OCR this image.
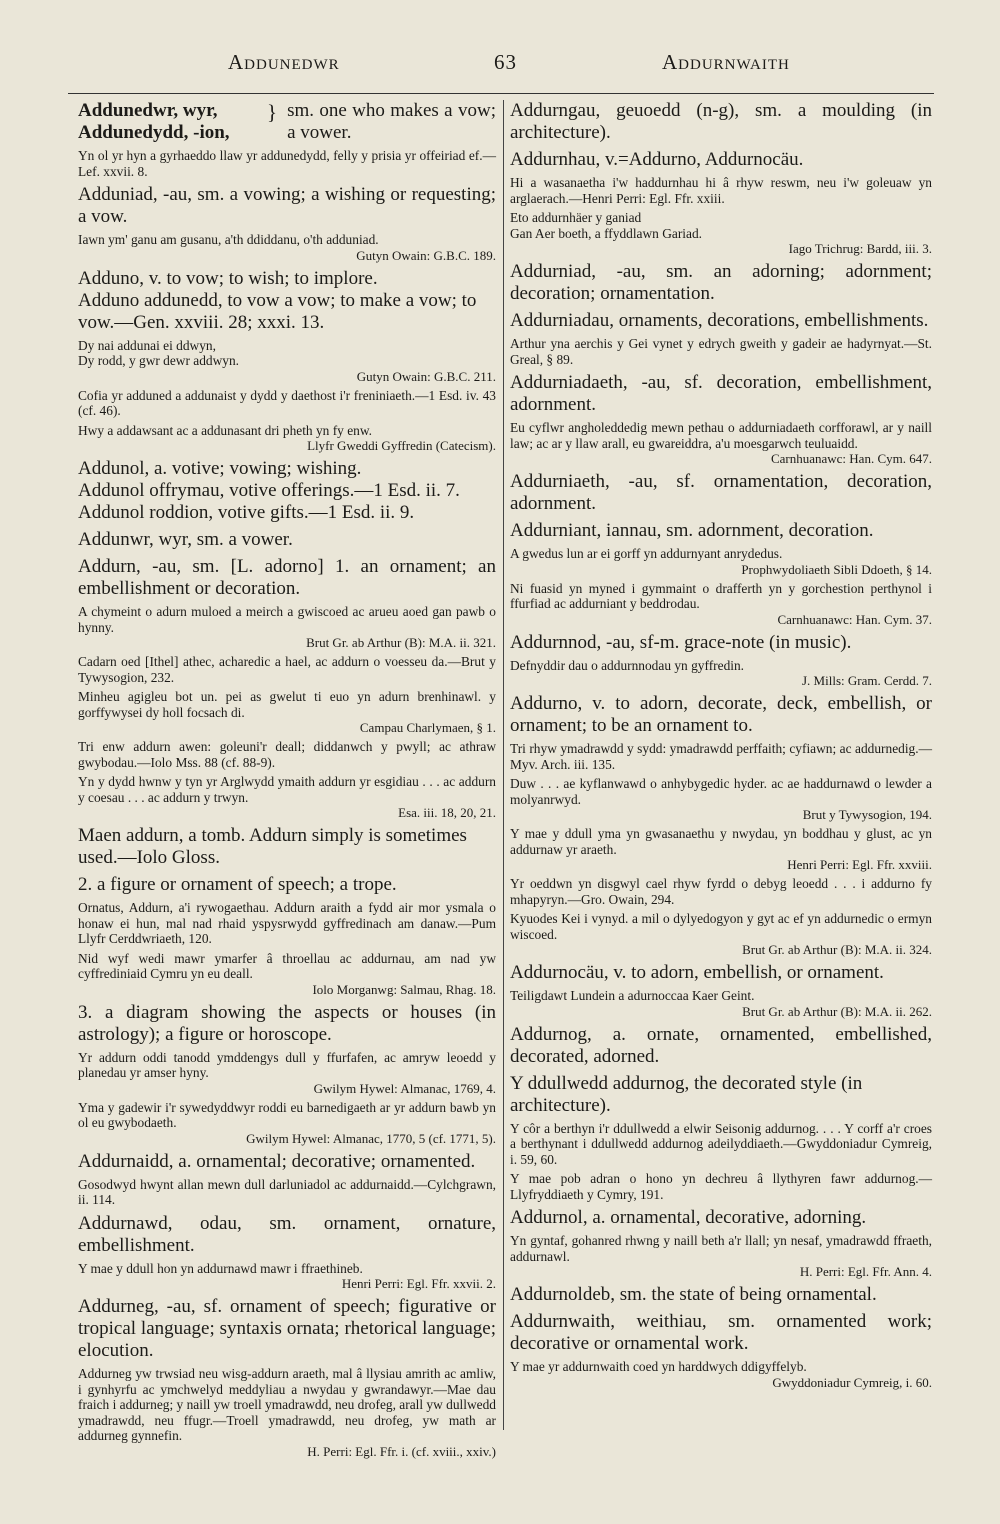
Addunedwr	63	Addurnwaith

Addunedwr, wyr,

Addunedydd, -ion,

} sm. one who makes a vow; a vower.

Yn ol yr hyn a gyrhaeddo llaw yr addunedydd, felly y prisia yr offeiriad ef.—Lef. xxvii. 8.

Adduniad, -au, sm. a vowing; a wishing or requesting; a vow.

Iawn ym' ganu am gusanu, a'th ddiddanu, o'th adduniad.

Gutyn Owain: G.B.C. 189.

Adduno, v. to vow; to wish; to implore.

Adduno addunedd, to vow a vow; to make a vow; to vow.—Gen. xxviii. 28; xxxi. 13.

Dy nai addunai ei ddwyn,

Dy rodd, y gwr dewr addwyn.

Gutyn Owain: G.B.C. 211.

Cofia yr adduned a addunaist y dydd y daethost i'r freniniaeth.—1 Esd. iv. 43 (cf. 46).

Hwy a addawsant ac a addunasant dri pheth yn fy enw.

Llyfr Gweddi Gyffredin (Catecism).

Addunol, a. votive; vowing; wishing.

Addunol offrymau, votive offerings.—1 Esd. ii. 7.

Addunol roddion, votive gifts.—1 Esd. ii. 9.

Addunwr, wyr, sm. a vower.

Addurn, -au, sm. [L. adorno] 1. an ornament; an embellishment or decoration.

A chymeint o adurn muloed a meirch a gwiscoed ac arueu aoed gan pawb o hynny.

Brut Gr. ab Arthur (B): M.A. ii. 321.

Cadarn oed [Ithel] athec, acharedic a hael, ac addurn o voesseu da.—Brut y Tywysogion, 232.

Minheu agigleu bot un. pei as gwelut ti euo yn adurn brenhinawl. y gorffywysei dy holl focsach di.

Campau Charlymaen, § 1.

Tri enw addurn awen: goleuni'r deall; diddanwch y pwyll; ac athraw gwybodau.—Iolo Mss. 88 (cf. 88-9).

Yn y dydd hwnw y tyn yr Arglwydd ymaith addurn yr esgidiau . . . ac addurn y coesau . . . ac addurn y trwyn.

Esa. iii. 18, 20, 21.

Maen addurn, a tomb. Addurn simply is sometimes used.—Iolo Gloss.

2. a figure or ornament of speech; a trope.

Ornatus, Addurn, a'i rywogaethau. Addurn araith a fydd air mor ysmala o honaw ei hun, mal nad rhaid yspysrwydd gyffredinach am danaw.—Pum Llyfr Cerddwriaeth, 120.

Nid wyf wedi mawr ymarfer â throellau ac addurnau, am nad yw cyffrediniaid Cymru yn eu deall.

Iolo Morganwg: Salmau, Rhag. 18.

3. a diagram showing the aspects or houses (in astrology); a figure or horoscope.

Yr addurn oddi tanodd ymddengys dull y ffurfafen, ac amryw leoedd y planedau yr amser hyny.

Gwilym Hywel: Almanac, 1769, 4.

Yma y gadewir i'r sywedyddwyr roddi eu barnedigaeth ar yr addurn bawb yn ol eu gwybodaeth.

Gwilym Hywel: Almanac, 1770, 5 (cf. 1771, 5).

Addurnaidd, a. ornamental; decorative; ornamented.

Gosodwyd hwynt allan mewn dull darluniadol ac addurnaidd.—Cylchgrawn, ii. 114.

Addurnawd, odau, sm. ornament, ornature, embellishment.

Y mae y ddull hon yn addurnawd mawr i ffraethineb.

Henri Perri: Egl. Ffr. xxvii. 2.

Addurneg, -au, sf. ornament of speech; figurative or tropical language; syntaxis ornata; rhetorical language; elocution.

Addurneg yw trwsiad neu wisg-addurn araeth, mal â llysiau amrith ac amliw, i gynhyrfu ac ymchwelyd meddyliau a nwydau y gwrandawyr.—Mae dau fraich i addurneg; y naill yw troell ymadrawdd, neu drofeg, arall yw dullwedd ymadrawdd, neu ffugr.—Troell ymadrawdd, neu drofeg, yw math ar addurneg gynnefin.

H. Perri: Egl. Ffr. i. (cf. xviii., xxiv.)

Addurngau, geuoedd (n-g), sm. a moulding (in architecture).

Addurnhau, v.=Addurno, Addurnocäu.

Hi a wasanaetha i'w haddurnhau hi â rhyw reswm, neu i'w goleuaw yn arglaerach.—Henri Perri: Egl. Ffr. xxiii.

Eto addurnhäer y ganiad

Gan Aer boeth, a ffyddlawn Gariad.

Iago Trichrug: Bardd, iii. 3.

Addurniad, -au, sm. an adorning; adornment; decoration; ornamentation.

Addurniadau, ornaments, decorations, embellishments.

Arthur yna aerchis y Gei vynet y edrych gweith y gadeir ae hadyrnyat.—St. Greal, § 89.

Addurniadaeth, -au, sf. decoration, embellishment, adornment.

Eu cyflwr angholeddedig mewn pethau o addurniadaeth corfforawl, ar y naill law; ac ar y llaw arall, eu gwareiddra, a'u moesgarwch teuluaidd.

Carnhuanawc: Han. Cym. 647.

Addurniaeth, -au, sf. ornamentation, decoration, adornment.

Addurniant, iannau, sm. adornment, decoration.

A gwedus lun ar ei gorff yn addurnyant anrydedus.

Prophwydoliaeth Sibli Ddoeth, § 14.

Ni fuasid yn myned i gymmaint o drafferth yn y gorchestion perthynol i ffurfiad ac addurniant y beddrodau.

Carnhuanawc: Han. Cym. 37.

Addurnnod, -au, sf-m. grace-note (in music).

Defnyddir dau o addurnnodau yn gyffredin.

J. Mills: Gram. Cerdd. 7.

Addurno, v. to adorn, decorate, deck, embellish, or ornament; to be an ornament to.

Tri rhyw ymadrawdd y sydd: ymadrawdd perffaith; cyfiawn; ac addurnedig.—Myv. Arch. iii. 135.

Duw . . . ae kyflanwawd o anhybygedic hyder. ac ae haddurnawd o lewder a molyanrwyd.

Brut y Tywysogion, 194.

Y mae y ddull yma yn gwasanaethu y nwydau, yn boddhau y glust, ac yn addurnaw yr araeth.

Henri Perri: Egl. Ffr. xxviii.

Yr oeddwn yn disgwyl cael rhyw fyrdd o debyg leoedd . . . i addurno fy mhapyryn.—Gro. Owain, 294.

Kyuodes Kei i vynyd. a mil o dylyedogyon y gyt ac ef yn addurnedic o ermyn wiscoed.

Brut Gr. ab Arthur (B): M.A. ii. 324.

Addurnocäu, v. to adorn, embellish, or ornament.

Teiligdawt Lundein a adurnoccaa Kaer Geint.

Brut Gr. ab Arthur (B): M.A. ii. 262.

Addurnog, a. ornate, ornamented, embellished, decorated, adorned.

Y ddullwedd addurnog, the decorated style (in architecture).

Y côr a berthyn i'r ddullwedd a elwir Seisonig addurnog. . . . Y corff a'r croes a berthynant i ddullwedd addurnog adeilyddiaeth.—Gwyddoniadur Cymreig, i. 59, 60.

Y mae pob adran o hono yn dechreu â llythyren fawr addurnog.—Llyfryddiaeth y Cymry, 191.

Addurnol, a. ornamental, decorative, adorning.

Yn gyntaf, gohanred rhwng y naill beth a'r llall; yn nesaf, ymadrawdd ffraeth, addurnawl.

H. Perri: Egl. Ffr. Ann. 4.

Addurnoldeb, sm. the state of being ornamental.

Addurnwaith, weithiau, sm. ornamented work; decorative or ornamental work.

Y mae yr addurnwaith coed yn harddwych ddigyffelyb.

Gwyddoniadur Cymreig, i. 60.
